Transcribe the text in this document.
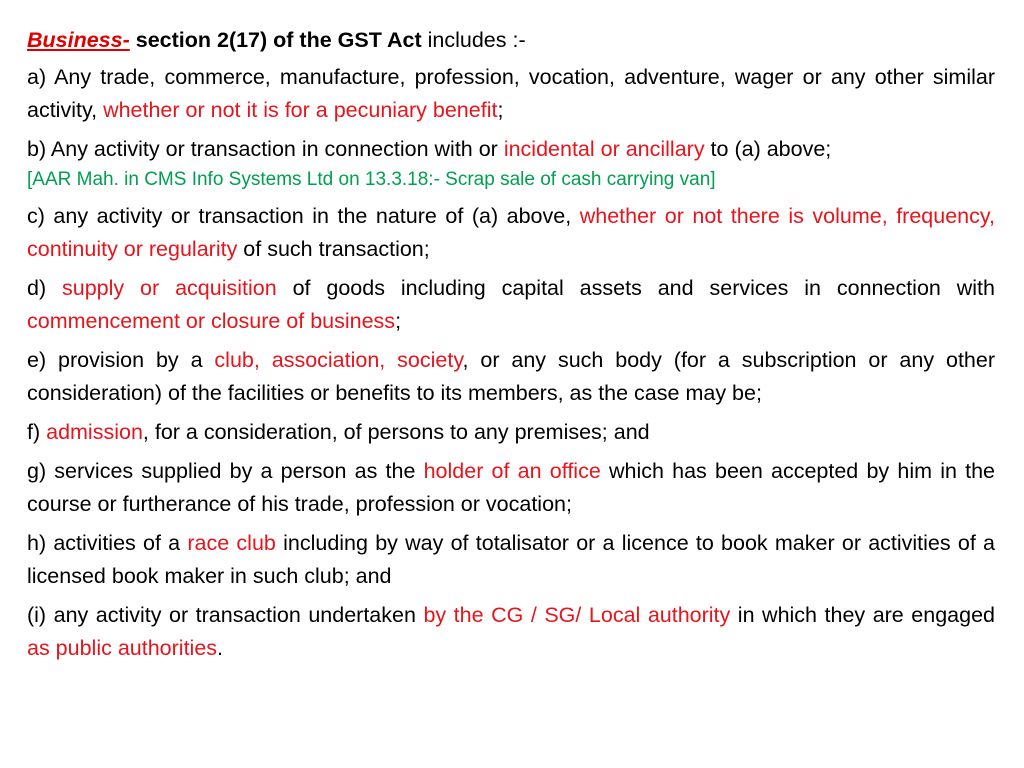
Business- section 2(17) of the GST Act includes :-

a) Any trade, commerce, manufacture, profession, vocation, adventure, wager or any other similar activity, whether or not it is for a pecuniary benefit;

b) Any activity or transaction in connection with or incidental or ancillary to (a) above;
[AAR Mah. in CMS Info Systems Ltd on 13.3.18:- Scrap sale of cash carrying van]

c) any activity or transaction in the nature of (a) above, whether or not there is volume, frequency, continuity or regularity of such transaction;

d) supply or acquisition of goods including capital assets and services in connection with commencement or closure of business;

e) provision by a club, association, society, or any such body (for a subscription or any other consideration) of the facilities or benefits to its members, as the case may be;

f) admission, for a consideration, of persons to any premises; and

g) services supplied by a person as the holder of an office which has been accepted by him in the course or furtherance of his trade, profession or vocation;

h) activities of a race club including by way of totalisator or a licence to book maker or activities of a licensed book maker in such club; and

(i) any activity or transaction undertaken by the CG / SG/ Local authority in which they are engaged as public authorities.
